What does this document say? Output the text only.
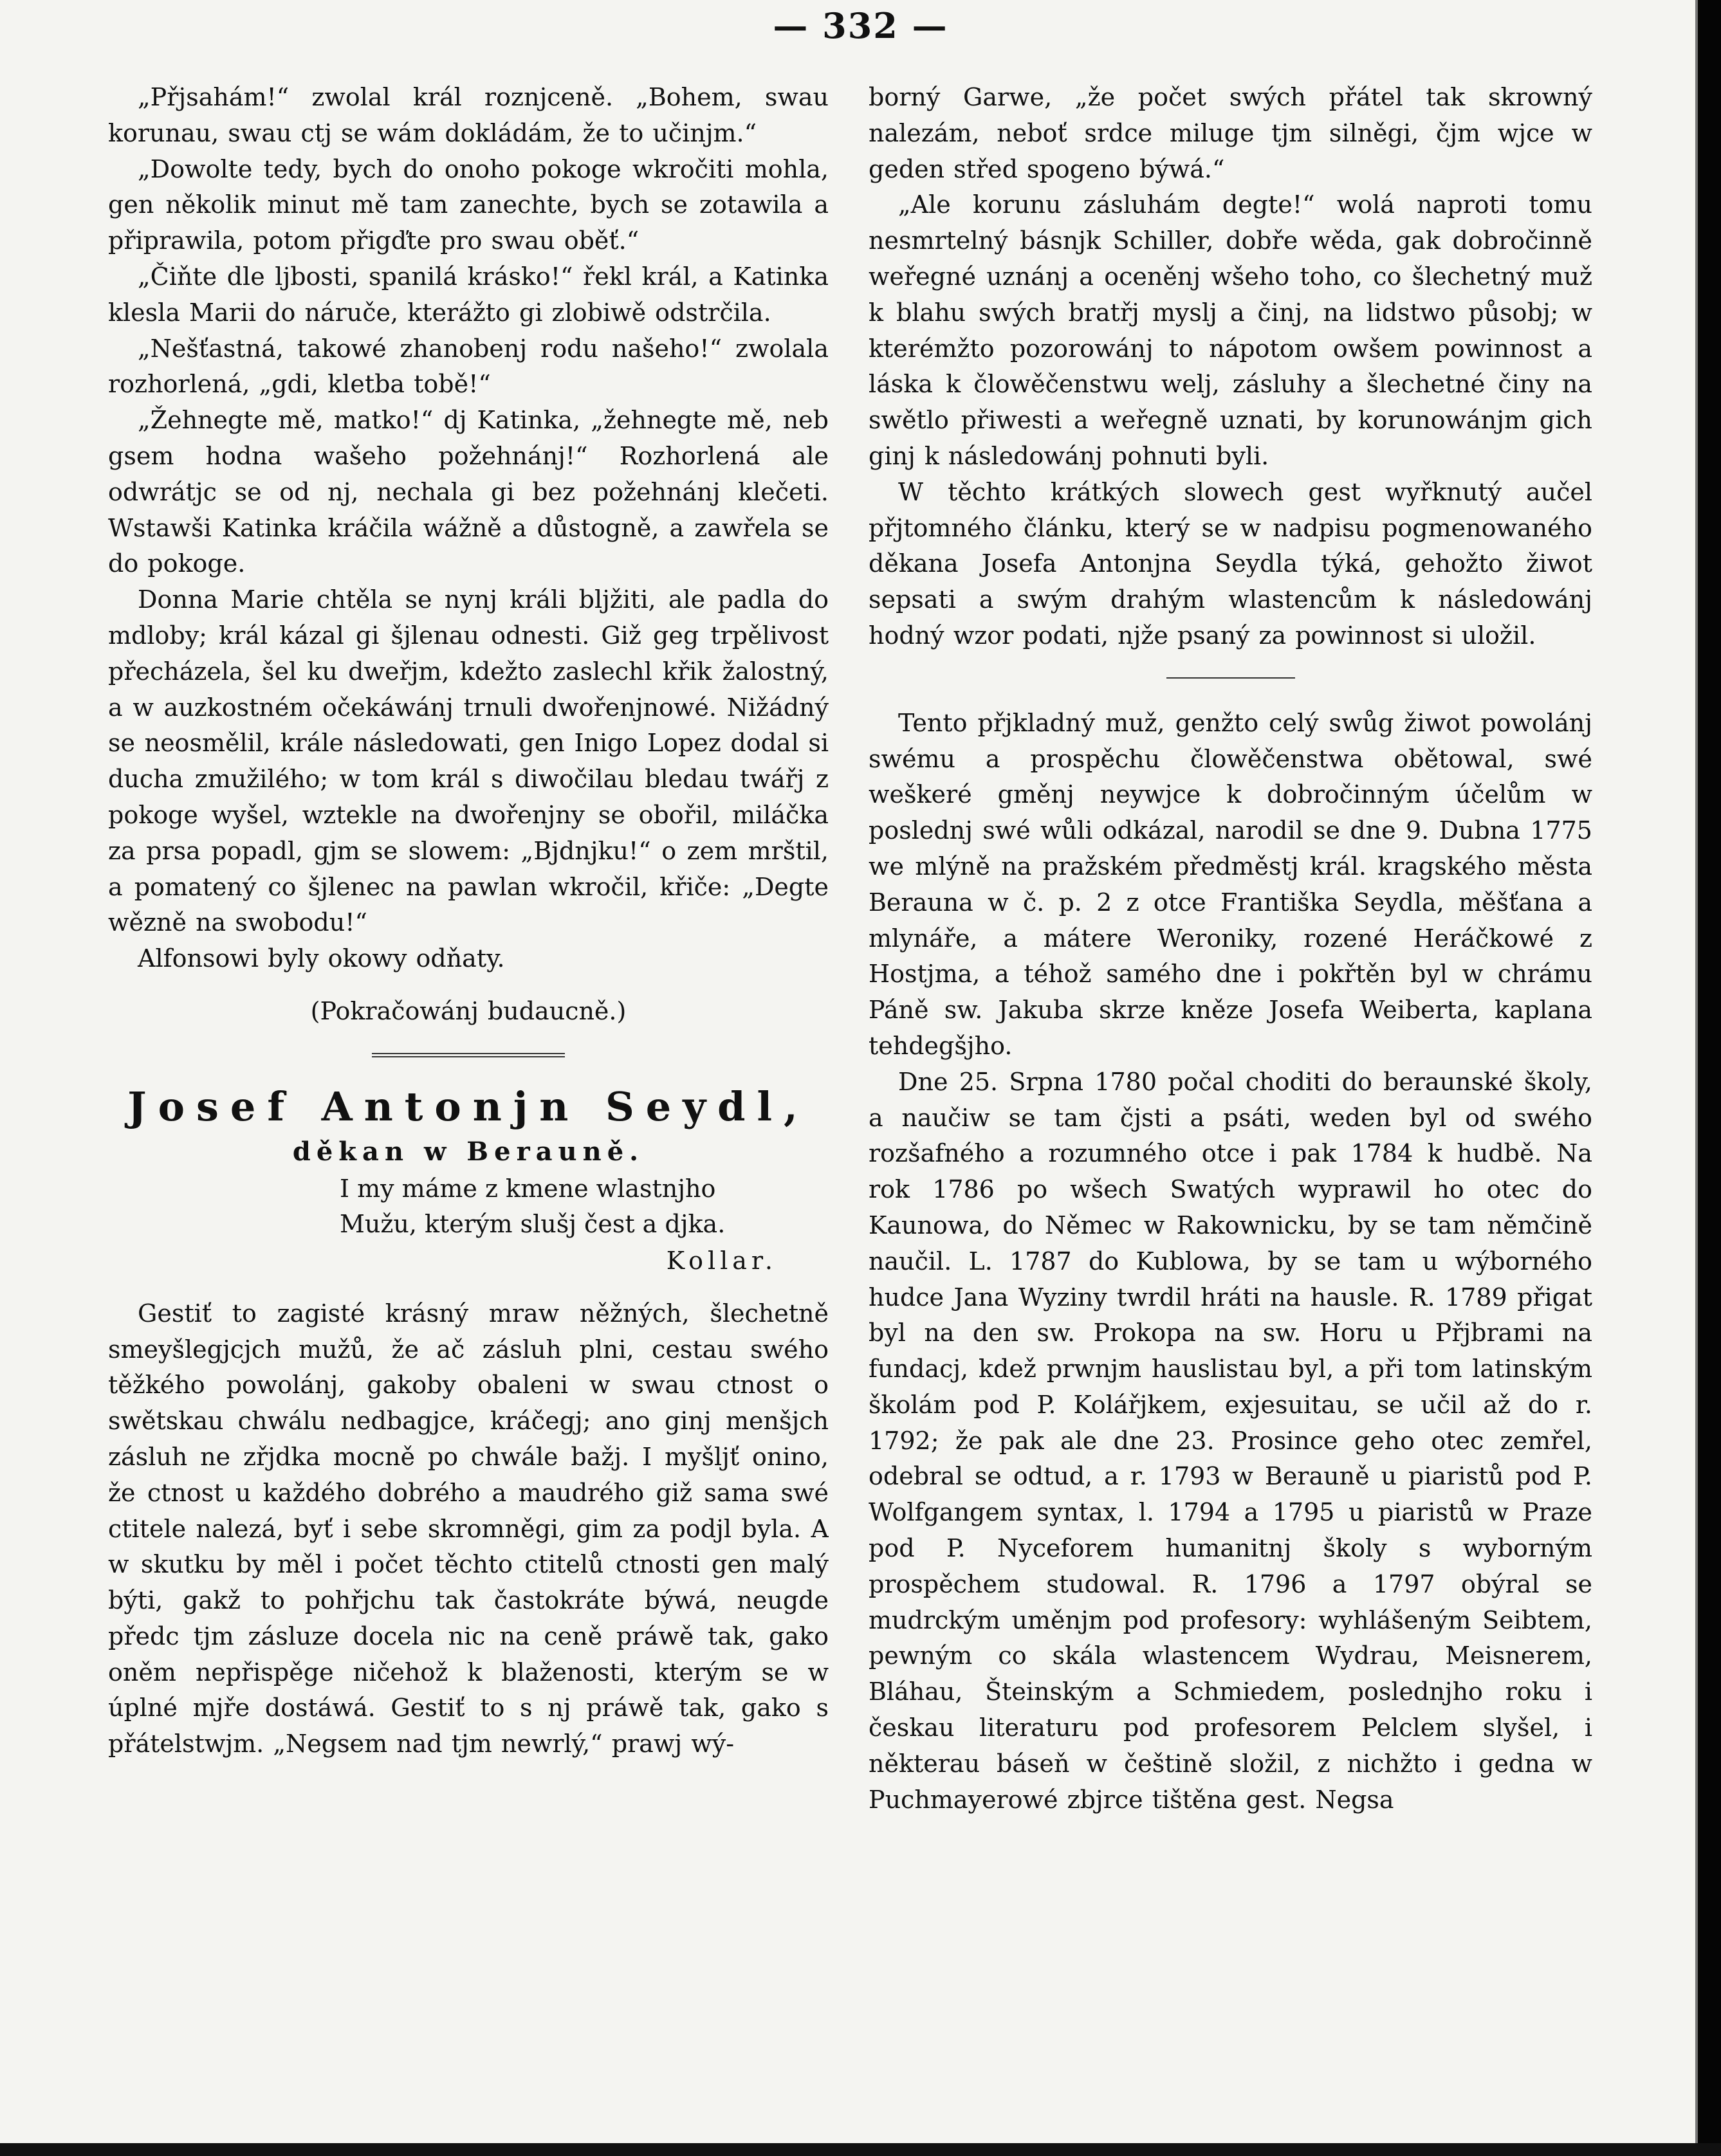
— 332 —

„Přjsahám!“ zwolal král roznjceně. „Bohem, swau korunau, swau ctj se wám dokládám, že to učinjm.“

„Dowolte tedy, bych do onoho pokoge wkročiti mohla, gen několik minut mě tam zanechte, bych se zotawila a připrawila, potom přigďte pro swau oběť.“

„Čiňte dle ljbosti, spanilá krásko!“ řekl král, a Katinka klesla Marii do náruče, kterážto gi zlobiwě odstrčila.

„Nešťastná, takowé zhanobenj rodu našeho!“ zwolala rozhorlená, „gdi, kletba tobě!“

„Žehnegte mě, matko!“ dj Katinka, „žehnegte mě, neb gsem hodna wašeho požehnánj!“ Rozhorlená ale odwrátjc se od nj, nechala gi bez požehnánj klečeti. Wstawši Katinka kráčila wážně a důstogně, a zawřela se do pokoge.

Donna Marie chtěla se nynj králi bljžiti, ale padla do mdloby; král kázal gi šjlenau odnesti. Giž geg trpělivost přecházela, šel ku dweřjm, kdežto zaslechl křik žalostný, a w auzkostném očekáwánj trnuli dwořenjnowé. Nižádný se neosmělil, krále následowati, gen Inigo Lopez dodal si ducha zmužilého; w tom král s diwočilau bledau twářj z pokoge wyšel, wztekle na dwořenjny se obořil, miláčka za prsa popadl, gjm se slowem: „Bjdnjku!“ o zem mrštil, a pomatený co šjlenec na pawlan wkročil, křiče: „Degte wězně na swobodu!“

Alfonsowi byly okowy odňaty.

(Pokračowánj budaucně.)

Josef Antonjn Seydl,

děkan w Berauně.

I my máme z kmene wlastnjho

Mužu, kterým slušj čest a djka.

Kollar.

Gestiť to zagisté krásný mraw něžných, šlechetně smeyšlegjcjch mužů, že ač zásluh plni, cestau swého těžkého powolánj, gakoby obaleni w swau ctnost o swětskau chwálu nedbagjce, kráčegj; ano ginj menšjch zásluh ne zřjdka mocně po chwále bažj. I myšljť onino, že ctnost u každého dobrého a maudrého giž sama swé ctitele nalezá, byť i sebe skromněgi, gim za podjl byla. A w skutku by měl i počet těchto ctitelů ctnosti gen malý býti, gakž to pohřjchu tak častokráte býwá, neugde předc tjm zásluze docela nic na ceně práwě tak, gako oněm nepřispěge ničehož k blaženosti, kterým se w úplné mjře dostáwá. Gestiť to s nj práwě tak, gako s přátelstwjm. „Negsem nad tjm newrlý,“ prawj wý-

borný Garwe, „že počet swých přátel tak skrowný nalezám, neboť srdce miluge tjm silněgi, čjm wjce w geden střed spogeno býwá.“

„Ale korunu zásluhám degte!“ wolá naproti tomu nesmrtelný básnjk Schiller, dobře wěda, gak dobročinně weřegné uznánj a oceněnj wšeho toho, co šlechetný muž k blahu swých bratřj myslj a činj, na lidstwo působj; w kterémžto pozorowánj to nápotom owšem powinnost a láska k člowěčenstwu welj, zásluhy a šlechetné činy na swětlo přiwesti a weřegně uznati, by korunowánjm gich ginj k následowánj pohnuti byli.

W těchto krátkých slowech gest wyřknutý aučel přjtomného článku, který se w nadpisu pogmenowaného děkana Josefa Antonjna Seydla týká, gehožto žiwot sepsati a swým drahým wlastencům k následowánj hodný wzor podati, njže psaný za powinnost si uložil.

Tento přjkladný muž, genžto celý swůg žiwot powolánj swému a prospěchu člowěčenstwa obětowal, swé weškeré gměnj neywjce k dobročinným účelům w poslednj swé wůli odkázal, narodil se dne 9. Dubna 1775 we mlýně na pražském předměstj král. kragského města Berauna w č. p. 2 z otce Františka Seydla, měšťana a mlynáře, a mátere Weroniky, rozené Heráčkowé z Hostjma, a téhož samého dne i pokřtěn byl w chrámu Páně sw. Jakuba skrze kněze Josefa Weiberta, kaplana tehdegšjho.

Dne 25. Srpna 1780 počal choditi do beraunské školy, a naučiw se tam čjsti a psáti, weden byl od swého rozšafného a rozumného otce i pak 1784 k hudbě. Na rok 1786 po wšech Swatých wyprawil ho otec do Kaunowa, do Němec w Rakownicku, by se tam němčině naučil. L. 1787 do Kublowa, by se tam u wýborného hudce Jana Wyziny twrdil hráti na hausle. R. 1789 přigat byl na den sw. Prokopa na sw. Horu u Přjbrami na fundacj, kdež prwnjm hauslistau byl, a při tom latinským školám pod P. Kolářjkem, exjesuitau, se učil až do r. 1792; že pak ale dne 23. Prosince geho otec zemřel, odebral se odtud, a r. 1793 w Berauně u piaristů pod P. Wolfgangem syntax, l. 1794 a 1795 u piaristů w Praze pod P. Nyceforem humanitnj školy s wyborným prospěchem studowal. R. 1796 a 1797 obýral se mudrckým uměnjm pod profesory: wyhlášeným Seibtem, pewným co skála wlastencem Wydrau, Meisnerem, Bláhau, Šteinským a Schmiedem, poslednjho roku i českau literaturu pod profesorem Pelclem slyšel, i některau báseň w češtině složil, z nichžto i gedna w Puchmayerowé zbjrce tištěna gest. Negsa
